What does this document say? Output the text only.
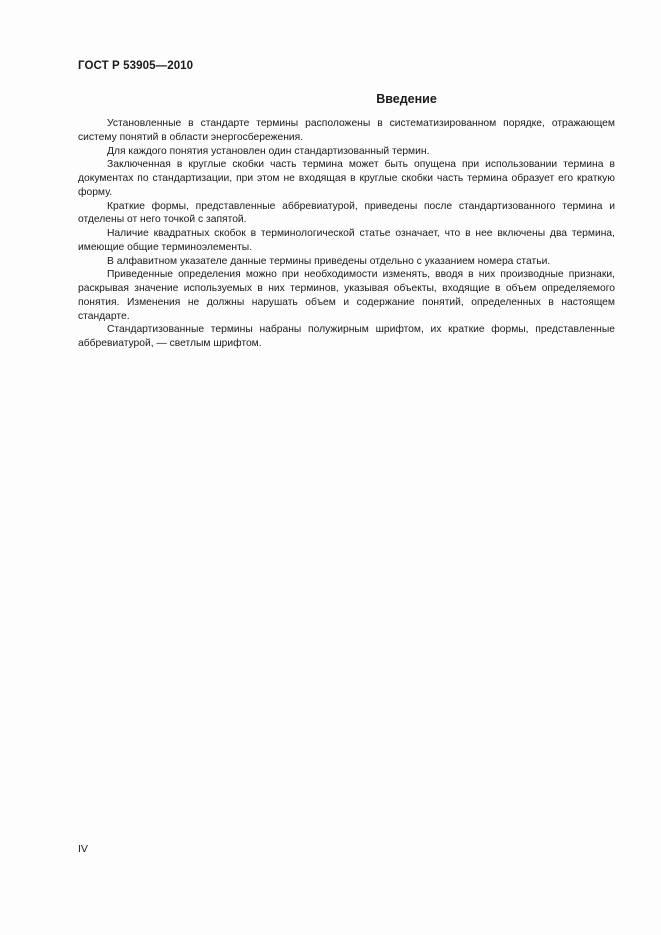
ГОСТ Р 53905—2010
Введение

Установленные в стандарте термины расположены в систематизированном порядке, отражающем систему понятий в области энергосбережения.

Для каждого понятия установлен один стандартизованный термин.

Заключенная в круглые скобки часть термина может быть опущена при использовании термина в документах по стандартизации, при этом не входящая в круглые скобки часть термина образует его краткую форму.

Краткие формы, представленные аббревиатурой, приведены после стандартизованного термина и отделены от него точкой с запятой.

Наличие квадратных скобок в терминологической статье означает, что в нее включены два термина, имеющие общие терминоэлементы.

В алфавитном указателе данные термины приведены отдельно с указанием номера статьи.

Приведенные определения можно при необходимости изменять, вводя в них производные признаки, раскрывая значение используемых в них терминов, указывая объекты, входящие в объем определяемого понятия. Изменения не должны нарушать объем и содержание понятий, определенных в настоящем стандарте.

Стандартизованные термины набраны полужирным шрифтом, их краткие формы, представленные аббревиатурой, — светлым шрифтом.

IV
